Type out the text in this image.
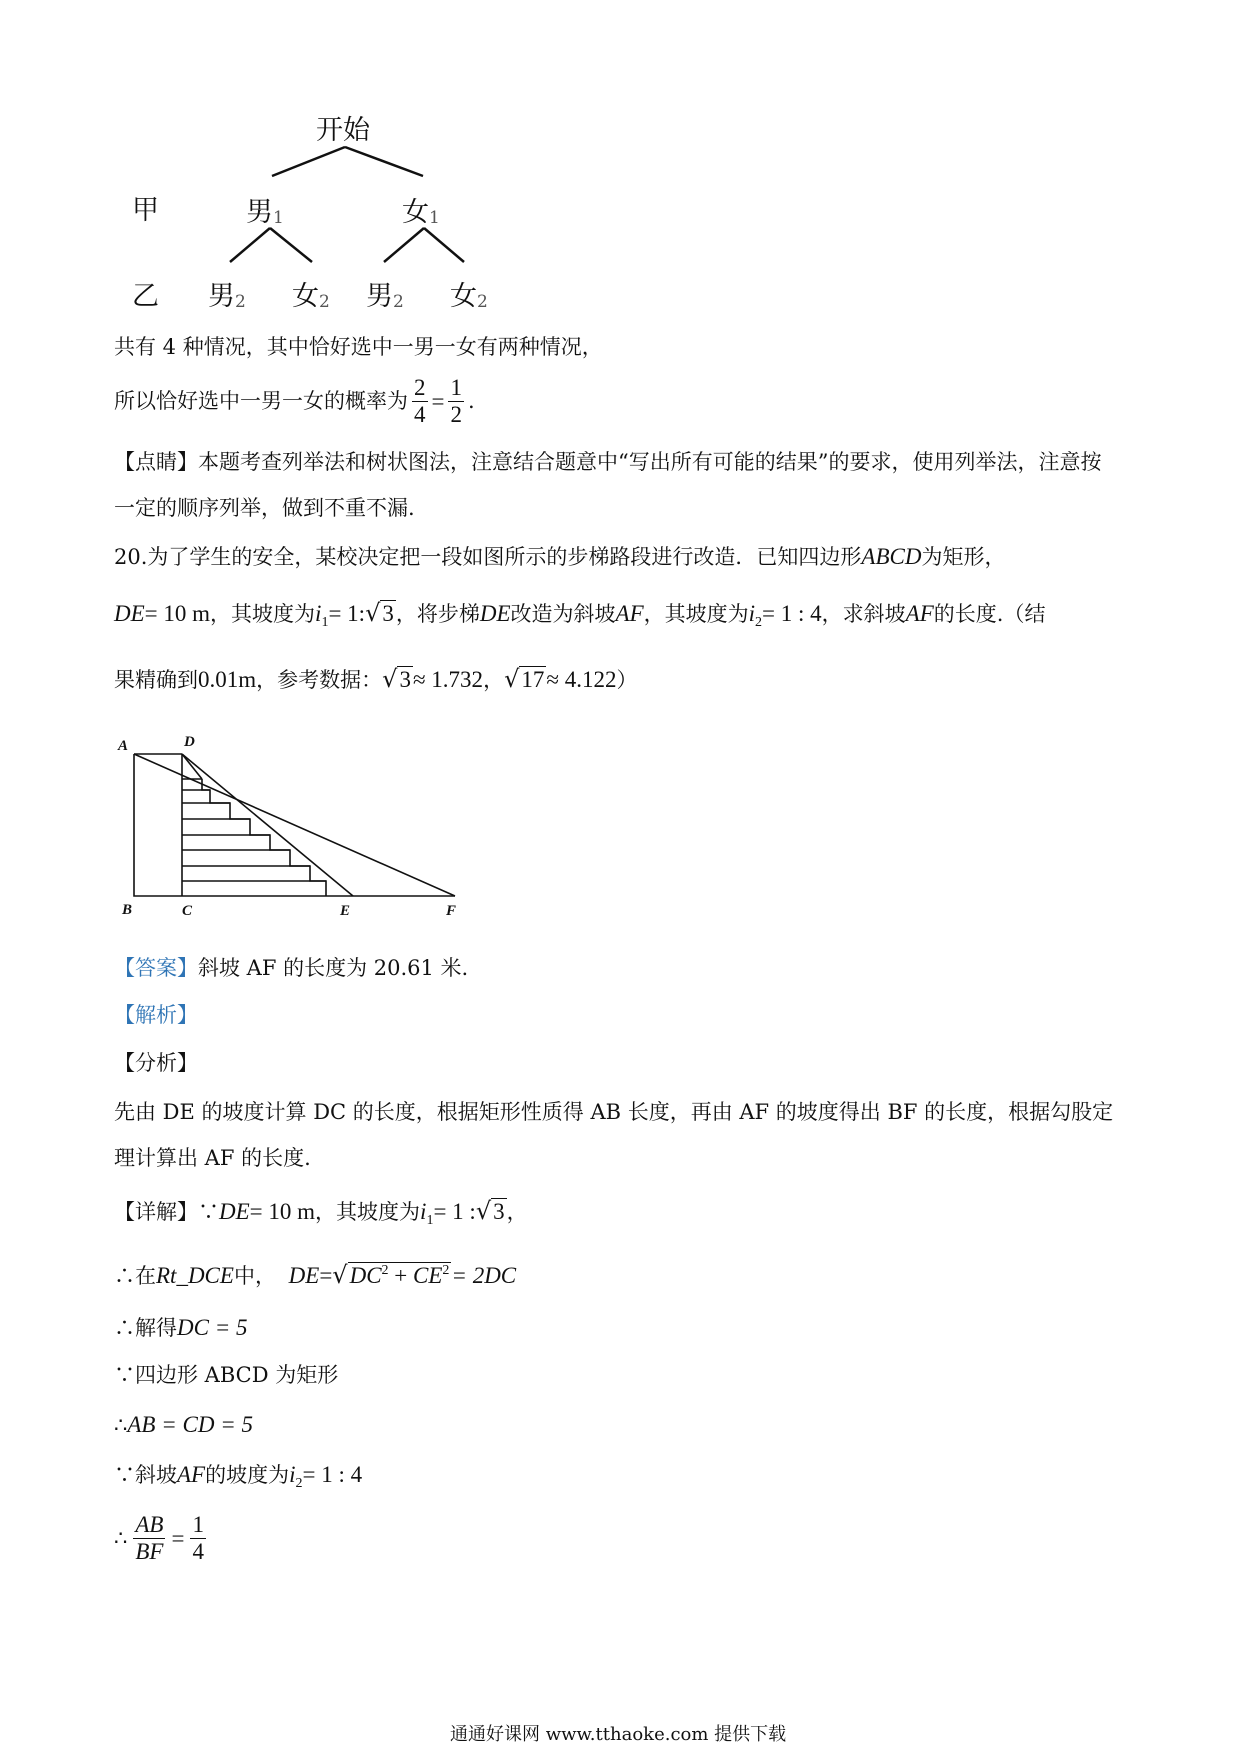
开始
甲	男1	女1
乙 男2 女2 男2 女2
共有 4 种情况，其中恰好选中一男一女有两种情况，
所以恰好选中一男一女的概率为 $\frac{2}{4} = \frac{1}{2}$ .
【点睛】本题考查列举法和树状图法，注意结合题意中“写出所有可能的结果”的要求，使用列举法，注意按
一定的顺序列举，做到不重不漏.
20.为了学生的安全，某校决定把一段如图所示的步梯路段进行改造．已知四边形ABCD为矩形，
DE= 10 m，其坡度为$i_1=$ 1:√3，将步梯DE改造为斜坡AF，其坡度为$i_2= 1$ : 4，求斜坡AF的长度.（结
果精确到0.01m，参考数据：√3≈ 1.732，√17≈ 4.122）
A	D
B	C	E	F
【答案】斜坡 AF 的长度为 20.61 米.
【解析】
【分析】
先由 DE 的坡度计算 DC 的长度，根据矩形性质得 AB 长度，再由 AF 的坡度得出 BF 的长度，根据勾股定
理计算出 AF 的长度.
【详解】∵DE= 10 m，其坡度为$i_1= 1$ :√3，
∴在Rt_DCE中， $DE=√DC^2 + CE^2= 2DC$
∴解得DC = 5
∵四边形 ABCD 为矩形
∴AB = CD = 5
∵斜坡AF的坡度为$i_2= 1$ : 4
∴ $\frac{AB}{BF} = \frac{1}{4}$
通通好课网 www.tthaoke.com 提供下载
